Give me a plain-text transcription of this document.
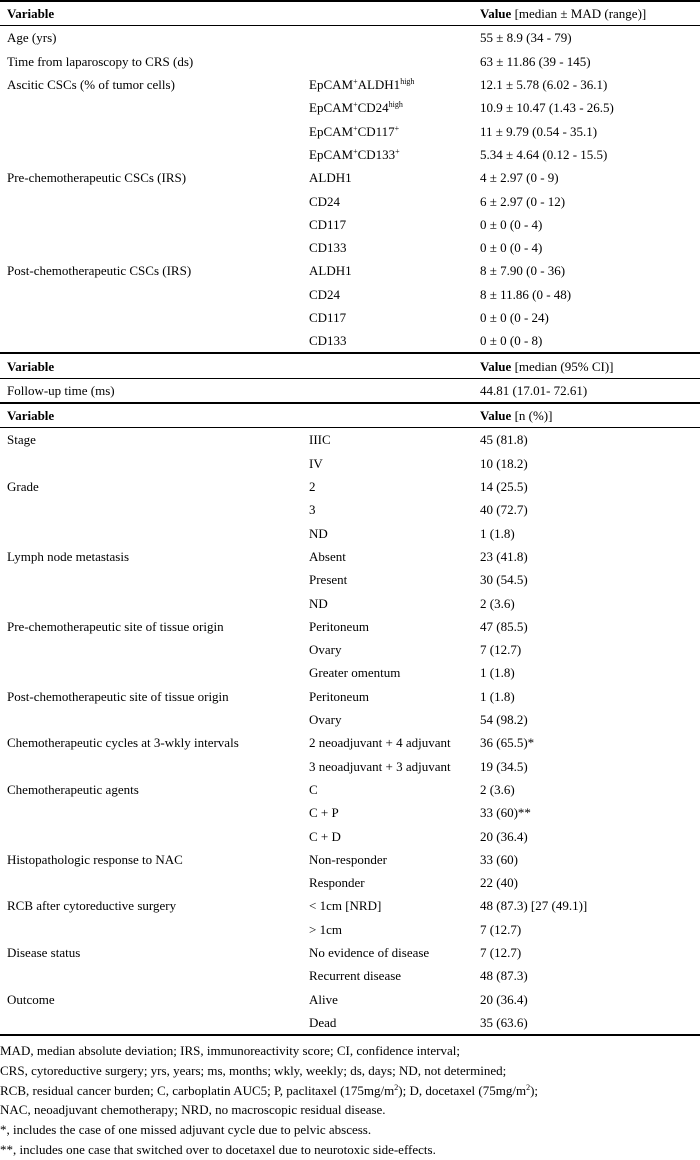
Variable		Value [median ± MAD (range)]
Age (yrs)		55 ± 8.9 (34 - 79)
Time from laparoscopy to CRS (ds)		63 ± 11.86 (39 - 145)
Ascitic CSCs (% of tumor cells)	$EpCAM^+ALDH1^{high}$	12.1 ± 5.78 (6.02 - 36.1)
	$EpCAM^+CD24^{high}$	10.9 ± 10.47 (1.43 - 26.5)
	EpCAM+CD117+	11 ± 9.79 (0.54 - 35.1)
	EpCAM+CD133+	5.34 ± 4.64 (0.12 - 15.5)
Pre-chemotherapeutic CSCs (IRS)	ALDH1	4 ± 2.97 (0 - 9)
	CD24	6 ± 2.97 (0 - 12)
	CD117	0 ± 0 (0 - 4)
	CD133	0 ± 0 (0 - 4)
Post-chemotherapeutic CSCs (IRS)	ALDH1	8 ± 7.90 (0 - 36)
	CD24	8 ± 11.86 (0 - 48)
	CD117	0 ± 0 (0 - 24)
	CD133	0 ± 0 (0 - 8)
Variable		Value [median (95% CI)]
Follow-up time (ms)		44.81 (17.01- 72.61)
Variable		Value [n (%)]
Stage	IIIC	45 (81.8)
	IV	10 (18.2)
Grade	2	14 (25.5)
	3	40 (72.7)
	ND	1 (1.8)
Lymph node metastasis	Absent	23 (41.8)
	Present	30 (54.5)
	ND	2 (3.6)
Pre-chemotherapeutic site of tissue origin	Peritoneum	47 (85.5)
	Ovary	7 (12.7)
	Greater omentum	1 (1.8)
Post-chemotherapeutic site of tissue origin	Peritoneum	1 (1.8)
	Ovary	54 (98.2)
Chemotherapeutic cycles at 3-wkly intervals	2 neoadjuvant + 4 adjuvant	36 (65.5)*
	3 neoadjuvant + 3 adjuvant	19 (34.5)
Chemotherapeutic agents	C	2 (3.6)
	C + P	33 (60)**
	C + D	20 (36.4)
Histopathologic response to NAC	Non-responder	33 (60)
	Responder	22 (40)
RCB after cytoreductive surgery	< 1cm [NRD]	48 (87.3) [27 (49.1)]
	> 1cm	7 (12.7)
Disease status	No evidence of disease	7 (12.7)
	Recurrent disease	48 (87.3)
Outcome	Alive	20 (36.4)
	Dead	35 (63.6)
MAD, median absolute deviation; IRS, immunoreactivity score; CI, confidence interval;
CRS, cytoreductive surgery; yrs, years; ms, months; wkly, weekly; ds, days; ND, not determined;
RCB, residual cancer burden; C, carboplatin AUC5; P, paclitaxel $(175mg/m^2)$; D, docetaxel $(75mg/m^2)$;
NAC, neoadjuvant chemotherapy; NRD, no macroscopic residual disease.
*, includes the case of one missed adjuvant cycle due to pelvic abscess.
**, includes one case that switched over to docetaxel due to neurotoxic side-effects.
